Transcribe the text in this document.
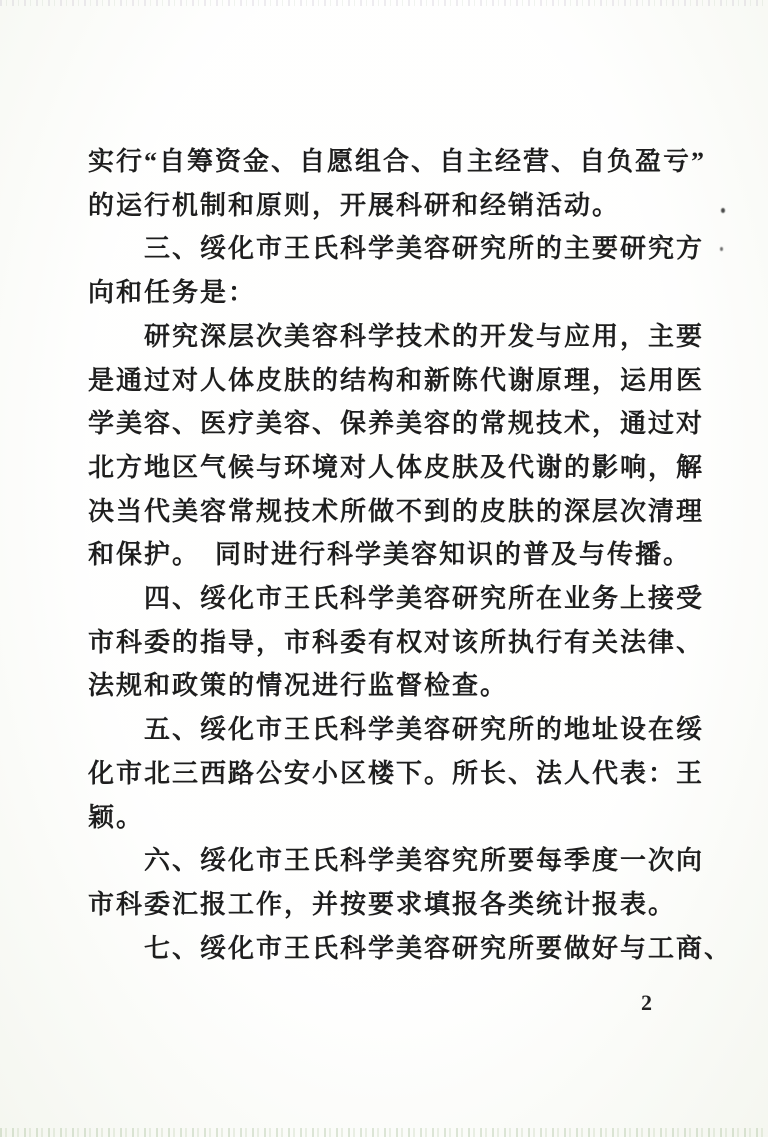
实行“自筹资金、自愿组合、自主经营、自负盈亏”
的运行机制和原则，开展科研和经销活动。
三、绥化市王氏科学美容研究所的主要研究方
向和任务是：
研究深层次美容科学技术的开发与应用，主要
是通过对人体皮肤的结构和新陈代谢原理，运用医
学美容、医疗美容、保养美容的常规技术，通过对
北方地区气候与环境对人体皮肤及代谢的影响，解
决当代美容常规技术所做不到的皮肤的深层次清理
和保护。　同时进行科学美容知识的普及与传播。
四、绥化市王氏科学美容研究所在业务上接受
市科委的指导，市科委有权对该所执行有关法律、
法规和政策的情况进行监督检查。
五、绥化市王氏科学美容研究所的地址设在绥
化市北三西路公安小区楼下。所长、法人代表：王
颖。
六、绥化市王氏科学美容究所要每季度一次向
市科委汇报工作，并按要求填报各类统计报表。
七、绥化市王氏科学美容研究所要做好与工商、
2
